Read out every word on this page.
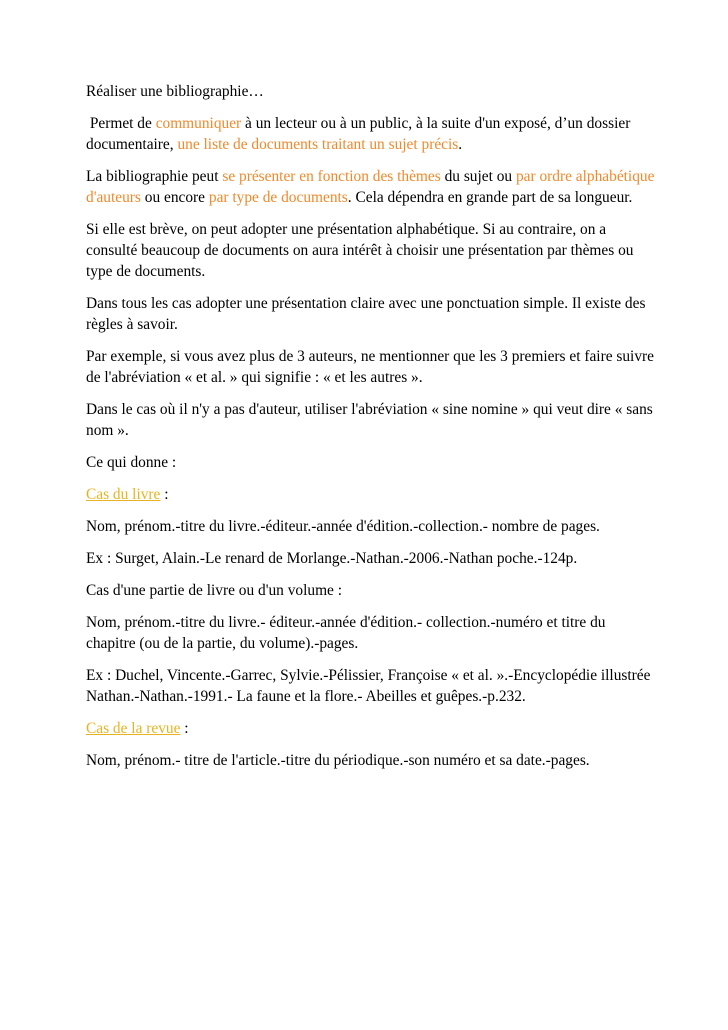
Réaliser une bibliographie…

Permet de communiquer à un lecteur ou à un public, à la suite d'un exposé, d’un dossier documentaire, une liste de documents traitant un sujet précis.

La bibliographie peut se présenter en fonction des thèmes du sujet ou par ordre alphabétique d'auteurs ou encore par type de documents. Cela dépendra en grande part de sa longueur.

Si elle est brève, on peut adopter une présentation alphabétique. Si au contraire, on a consulté beaucoup de documents on aura intérêt à choisir une présentation par thèmes ou type de documents.

Dans tous les cas adopter une présentation claire avec une ponctuation simple. Il existe des règles à savoir.

Par exemple, si vous avez plus de 3 auteurs, ne mentionner que les 3 premiers et faire suivre de l'abréviation « et al. » qui signifie : « et les autres ».

Dans le cas où il n'y a pas d'auteur, utiliser l'abréviation « sine nomine » qui veut dire « sans nom ».

Ce qui donne :

Cas du livre :

Nom, prénom.-titre du livre.-éditeur.-année d'édition.-collection.- nombre de pages.

Ex : Surget, Alain.-Le renard de Morlange.-Nathan.-2006.-Nathan poche.-124p.

Cas d'une partie de livre ou d'un volume :

Nom, prénom.-titre du livre.- éditeur.-année d'édition.- collection.-numéro et titre du chapitre (ou de la partie, du volume).-pages.

Ex : Duchel, Vincente.-Garrec, Sylvie.-Pélissier, Françoise « et al. ».-Encyclopédie illustrée Nathan.-Nathan.-1991.- La faune et la flore.- Abeilles et guêpes.-p.232.

Cas de la revue :

Nom, prénom.- titre de l'article.-titre du périodique.-son numéro et sa date.-pages.
